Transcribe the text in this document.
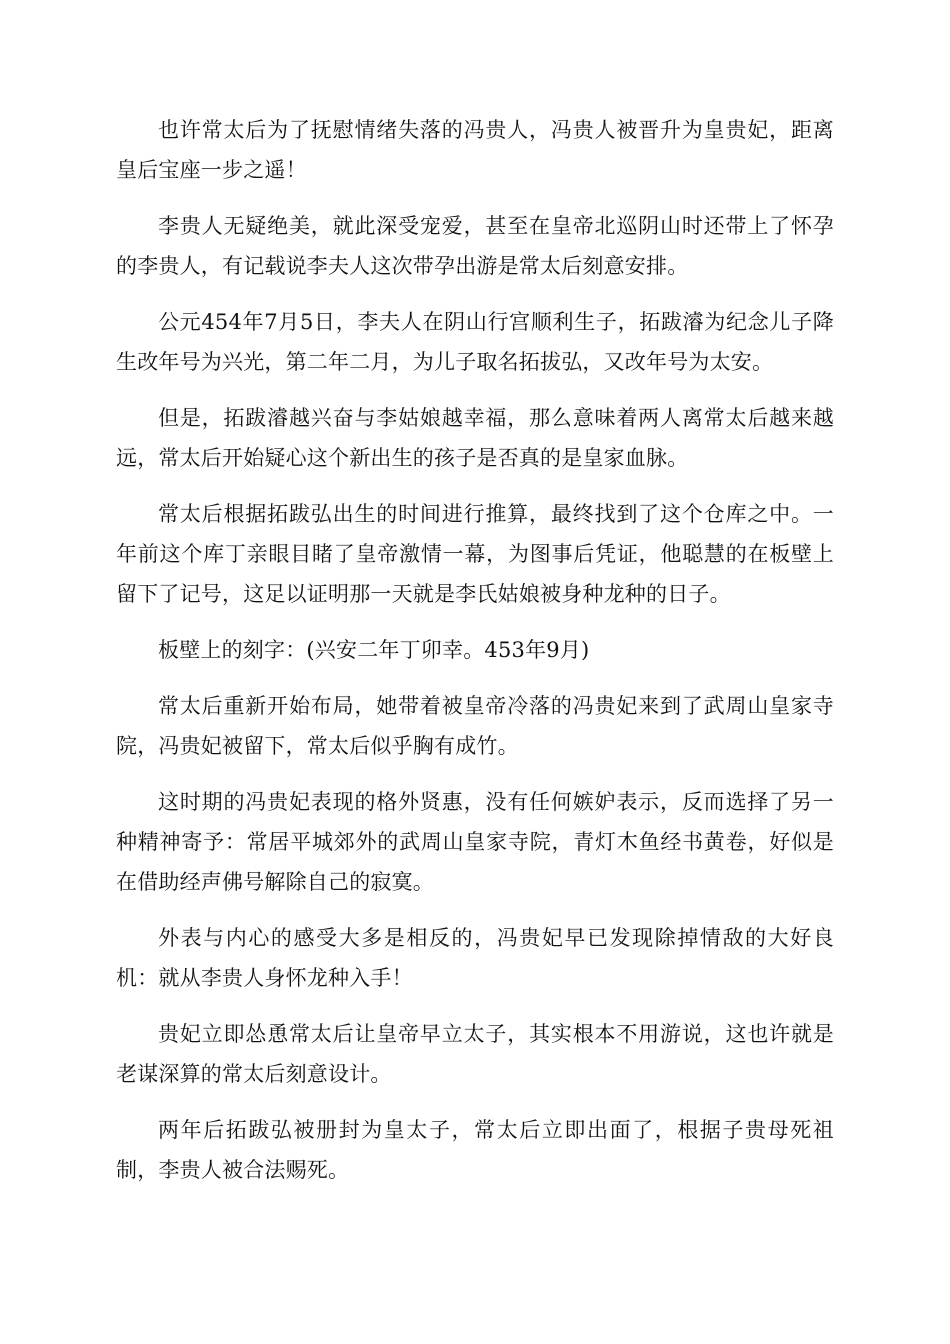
也许常太后为了抚慰情绪失落的冯贵人，冯贵人被晋升为皇贵妃，距离皇后宝座一步之遥！

李贵人无疑绝美，就此深受宠爱，甚至在皇帝北巡阴山时还带上了怀孕的李贵人，有记载说李夫人这次带孕出游是常太后刻意安排。

公元454年7月5日，李夫人在阴山行宫顺利生子，拓跋濬为纪念儿子降生改年号为兴光，第二年二月，为儿子取名拓拔弘，又改年号为太安。

但是，拓跋濬越兴奋与李姑娘越幸福，那么意味着两人离常太后越来越远，常太后开始疑心这个新出生的孩子是否真的是皇家血脉。

常太后根据拓跋弘出生的时间进行推算，最终找到了这个仓库之中。一年前这个库丁亲眼目睹了皇帝激情一幕，为图事后凭证，他聪慧的在板壁上留下了记号，这足以证明那一天就是李氏姑娘被身种龙种的日子。

板壁上的刻字：(兴安二年丁卯幸。453年9月)

常太后重新开始布局，她带着被皇帝冷落的冯贵妃来到了武周山皇家寺院，冯贵妃被留下，常太后似乎胸有成竹。

这时期的冯贵妃表现的格外贤惠，没有任何嫉妒表示，反而选择了另一种精神寄予：常居平城郊外的武周山皇家寺院，青灯木鱼经书黄卷，好似是在借助经声佛号解除自己的寂寞。

外表与内心的感受大多是相反的，冯贵妃早已发现除掉情敌的大好良机：就从李贵人身怀龙种入手！

贵妃立即怂恿常太后让皇帝早立太子，其实根本不用游说，这也许就是老谋深算的常太后刻意设计。

两年后拓跋弘被册封为皇太子，常太后立即出面了，根据子贵母死祖制，李贵人被合法赐死。
